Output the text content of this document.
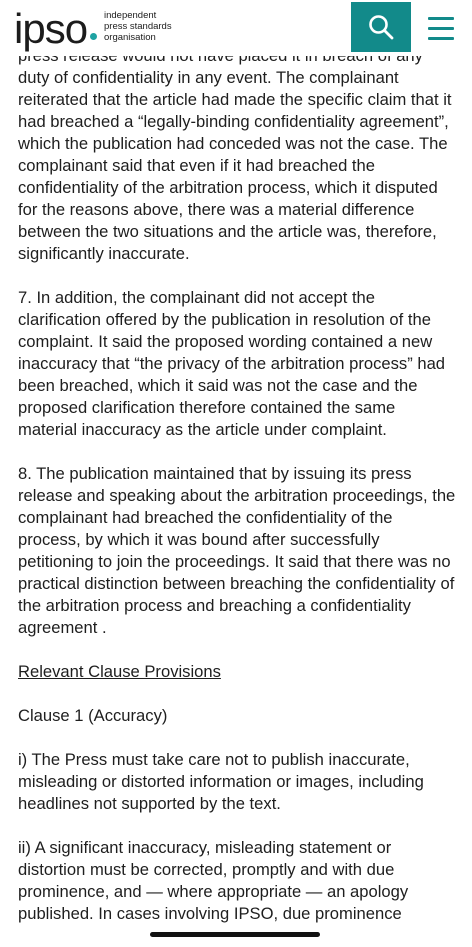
ipso independent
press standards
organisation

duty of confidentiality in any event. The complainant reiterated that the article had made the specific claim that it had breached a “legally-binding confidentiality agreement”, which the publication had conceded was not the case. The complainant said that even if it had breached the confidentiality of the arbitration process, which it disputed for the reasons above, there was a material difference between the two situations and the article was, therefore, significantly inaccurate.

7. In addition, the complainant did not accept the clarification offered by the publication in resolution of the complaint. It said the proposed wording contained a new inaccuracy that “the privacy of the arbitration process” had been breached, which it said was not the case and the proposed clarification therefore contained the same material inaccuracy as the article under complaint.

8. The publication maintained that by issuing its press release and speaking about the arbitration proceedings, the complainant had breached the confidentiality of the process, by which it was bound after successfully petitioning to join the proceedings. It said that there was no practical distinction between breaching the confidentiality of the arbitration process and breaching a confidentiality agreement .

Relevant Clause Provisions

Clause 1 (Accuracy)

i) The Press must take care not to publish inaccurate, misleading or distorted information or images, including headlines not supported by the text.

ii) A significant inaccuracy, misleading statement or distortion must be corrected, promptly and with due prominence, and — where appropriate — an apology published. In cases involving IPSO, due prominence
